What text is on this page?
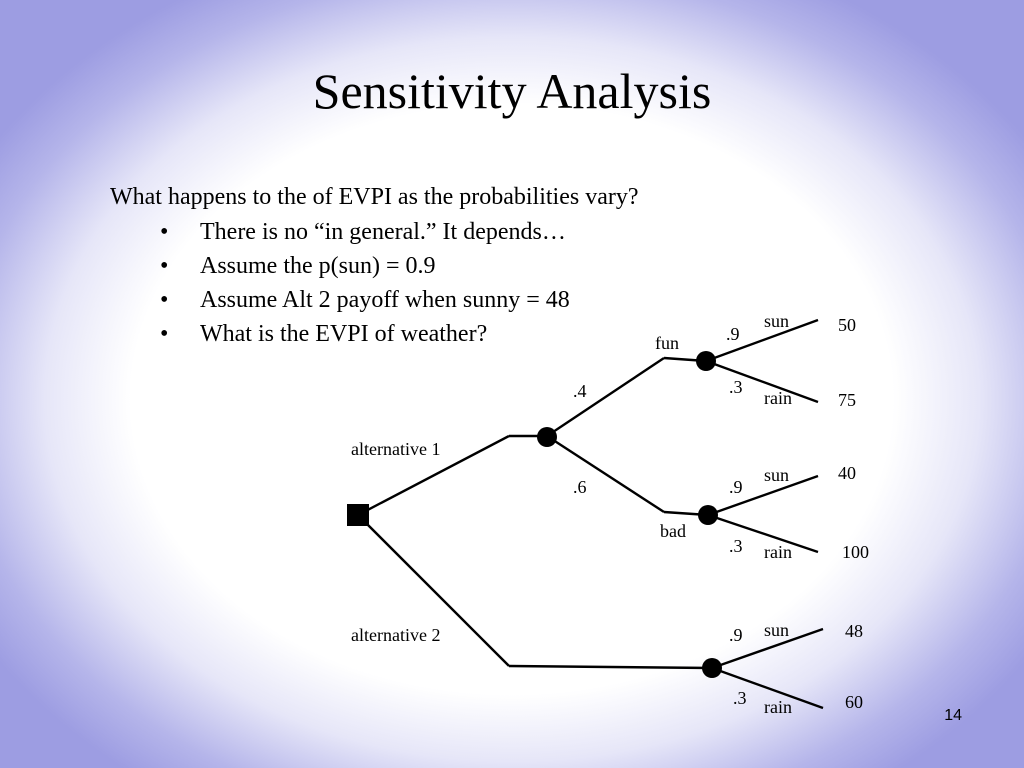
Sensitivity Analysis
What happens to the of EVPI as the probabilities vary?
• There is no “in general.” It depends…
• Assume the p(sun) = 0.9
• Assume Alt 2 payoff when sunny = 48
• What is the EVPI of weather?
alternative 1
alternative 2
fun
.4
bad
.6
.9
sun	50
.3
rain	75
.9
sun	40
.3 rain	100
.9 sun	48
.3 rain	60
14
